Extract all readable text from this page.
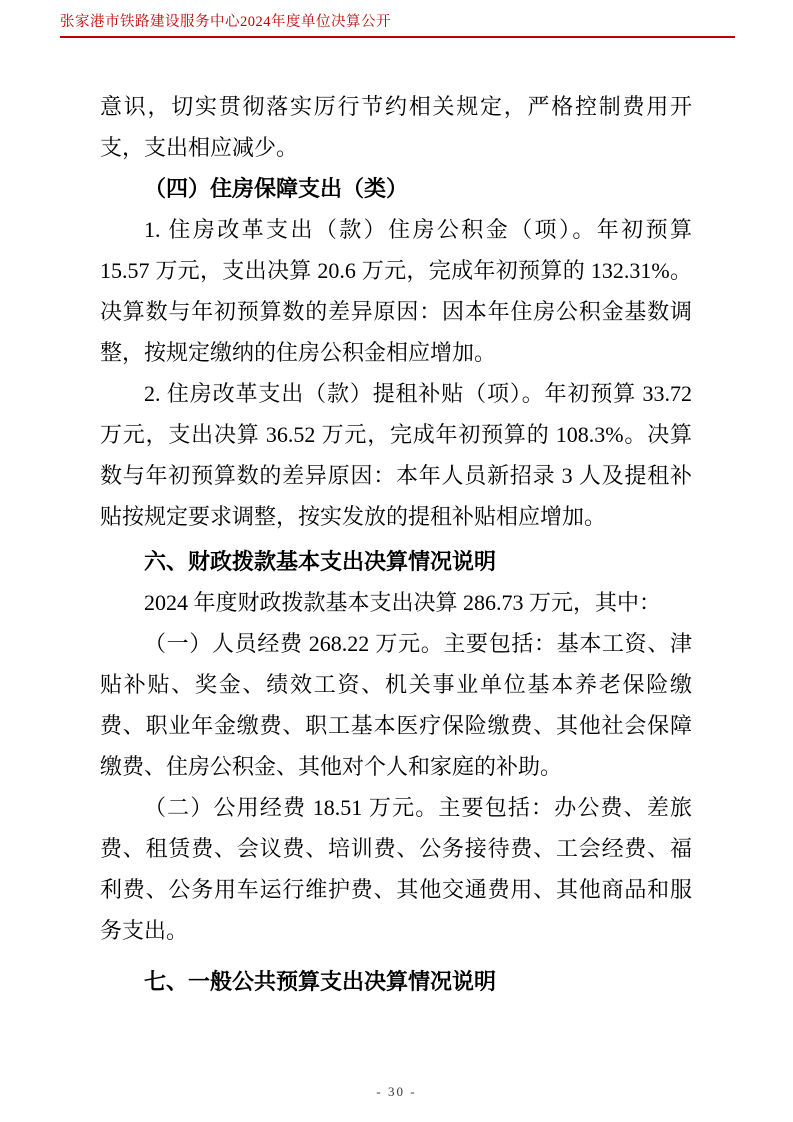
张家港市铁路建设服务中心2024年度单位决算公开

意识，切实贯彻落实厉行节约相关规定，严格控制费用开支，支出相应减少。

（四）住房保障支出（类）

1. 住房改革支出（款）住房公积金（项）。年初预算 15.57 万元，支出决算 20.6 万元，完成年初预算的 132.31%。决算数与年初预算数的差异原因：因本年住房公积金基数调整，按规定缴纳的住房公积金相应增加。

2. 住房改革支出（款）提租补贴（项）。年初预算 33.72 万元，支出决算 36.52 万元，完成年初预算的 108.3%。决算数与年初预算数的差异原因：本年人员新招录 3 人及提租补贴按规定要求调整，按实发放的提租补贴相应增加。

六、财政拨款基本支出决算情况说明

2024 年度财政拨款基本支出决算 286.73 万元，其中：

（一）人员经费 268.22 万元。主要包括：基本工资、津贴补贴、奖金、绩效工资、机关事业单位基本养老保险缴费、职业年金缴费、职工基本医疗保险缴费、其他社会保障缴费、住房公积金、其他对个人和家庭的补助。

（二）公用经费 18.51 万元。主要包括：办公费、差旅费、租赁费、会议费、培训费、公务接待费、工会经费、福利费、公务用车运行维护费、其他交通费用、其他商品和服务支出。

七、一般公共预算支出决算情况说明

- 30 -
